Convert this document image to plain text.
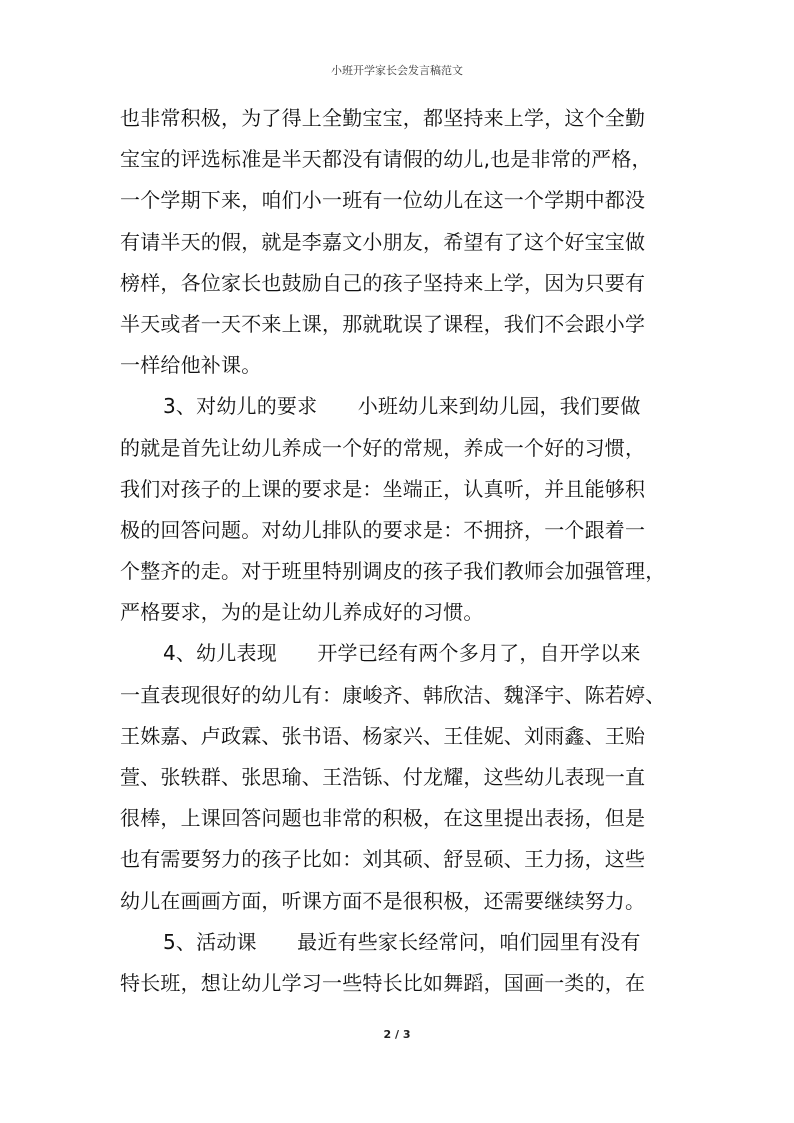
小班开学家长会发言稿范文
也非常积极，为了得上全勤宝宝，都坚持来上学，这个全勤
宝宝的评选标准是半天都没有请假的幼儿,也是非常的严格，
一个学期下来，咱们小一班有一位幼儿在这一个学期中都没
有请半天的假，就是李嘉文小朋友，希望有了这个好宝宝做
榜样，各位家长也鼓励自己的孩子坚持来上学，因为只要有
半天或者一天不来上课，那就耽误了课程，我们不会跟小学
一样给他补课。
3、对幼儿的要求　　小班幼儿来到幼儿园，我们要做
的就是首先让幼儿养成一个好的常规，养成一个好的习惯，
我们对孩子的上课的要求是：坐端正，认真听，并且能够积
极的回答问题。对幼儿排队的要求是：不拥挤，一个跟着一
个整齐的走。对于班里特别调皮的孩子我们教师会加强管理，
严格要求，为的是让幼儿养成好的习惯。
4、幼儿表现　　开学已经有两个多月了，自开学以来
一直表现很好的幼儿有：康峻齐、韩欣洁、魏泽宇、陈若婷、
王姝嘉、卢政霖、张书语、杨家兴、王佳妮、刘雨鑫、王贻
萱、张轶群、张思瑜、王浩铄、付龙耀，这些幼儿表现一直
很棒，上课回答问题也非常的积极，在这里提出表扬，但是
也有需要努力的孩子比如：刘其硕、舒昱硕、王力扬，这些
幼儿在画画方面，听课方面不是很积极，还需要继续努力。
5、活动课　　最近有些家长经常问，咱们园里有没有
特长班，想让幼儿学习一些特长比如舞蹈，国画一类的，在
2 / 3
